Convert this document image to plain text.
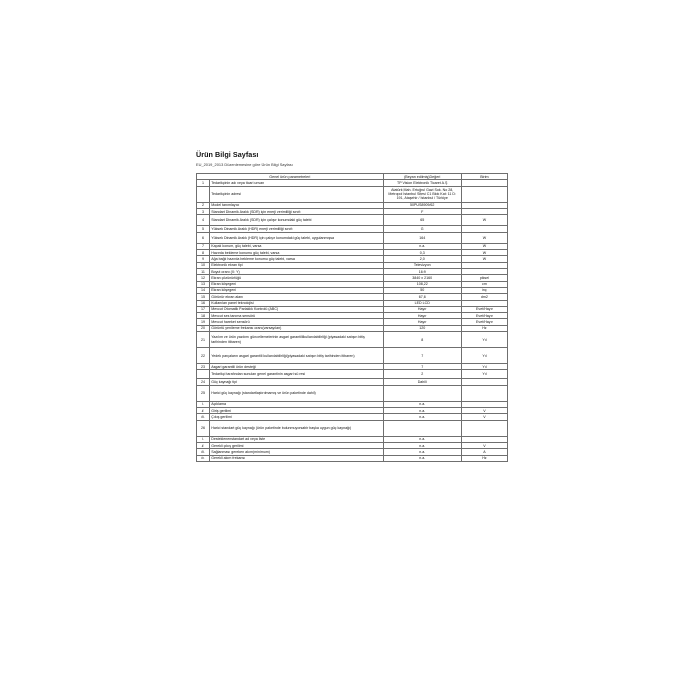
Ürün Bilgi Sayfası
EU_2019_2013 Düzenlemesine göre Ürün Bilgi Sayfası
Genel ürün parametreleri		(Beyan edilmiş)Değeri	Birim
1	Tedarikçinin adı veya ticari unvan	TP Vision Elektronik Ticaret A.Ş	
	Tedarikçinin adresi	Atatürk Mah. Ertuğrul Gazi Sok. No 28, Metropol İstanbul Sitesi C1 Blok Kat: 11 D: 191, Ataşehir / İstanbul / Türkiye	
2	Model tanımlayıcı	50PUS8909/62	
3	Standart Dinamik Aralık (SDR) için enerji verimliliği sınıfı	F	
4	Standart Dinamik Aralık (SDR) için çalışır konumdaki güç talebi	65	W
5	Yüksek Dinamik Aralık (HDR) enerji verimliliği sınıfı	G	
6	Yüksek Dinamik Aralık (HDR) için çalışır konumdaki güç talebi, uygulanmışsa	164	W
7	Kapalı konum, güç talebi, varsa	n.a.	W
8	Hazırda bekleme konumu güç talebi, varsa	0,3	W
9	Ağa bağlı hazırda bekleme konumu güç talebi, varsa	2,0	W
10	Elektronik ekran tipi	Televizyon	
11	Boyut oranı (X: Y)	16:9	
12	Ekran çözünürlüğü	3840 x 2160	piksel
13	Ekran köşegeni	108,22	cm
14	Ekran köşegeni	50	inç
15	Görünür ekran alanı	67,6	dm2
16	Kullanılan panel teknolojisi	LED LCD	
17	Mevcut Otomatik Parlaklık Kontrolü (ABC)	Hayır	Evet/Hayır
18	Mevcut ses tanıma sensörü	Hayır	Evet/Hayır
19	Mevcut hareket sensörü	Hayır	Evet/Hayır
20	Görüntü yenileme frekansı oranı(varsayılan)	120	Hz
21	Yazılım ve ürün yazılımı güncellemelerinin asgari garantililkullanılabilirliği (piyasadaki satışın bitiş tarihinden itibaren)	8	Yıl
22	Yedek parçaların asgari garantili kullanılabilirliği(piyasadaki satışın bitiş tarihinden itibaren)	7	Yıl
23	Asgari garantili ürün desteği	7	Yıl
	Tedarikçi tarafından sunulan genel garantinin asgari sü resi	2	Yıl
24	Güç kaynağı tipi	Dahili	
25	Harici güç kaynağı (standartlaştırılmamış ve ürün paketinde dahil)		
i.	Açıklama	n.a.	
ii.	Giriş gerilimi	n.a.	V
iii.	Çıkış gerilimi	n.a.	V
26	Harici standart güç kaynağı (ürün paketinde bulunmuyorsabir başka uygun güç kaynağı)		
i.	Desteklenenstandart ad veya liste	n.a.	
ii.	Gerekli çıkış gerilimi	n.a.	V
iii.	Sağlanması gereken akım(minimum)	n.a.	A
iv.	Gerekli akım frekansı	n.a.	Hz
